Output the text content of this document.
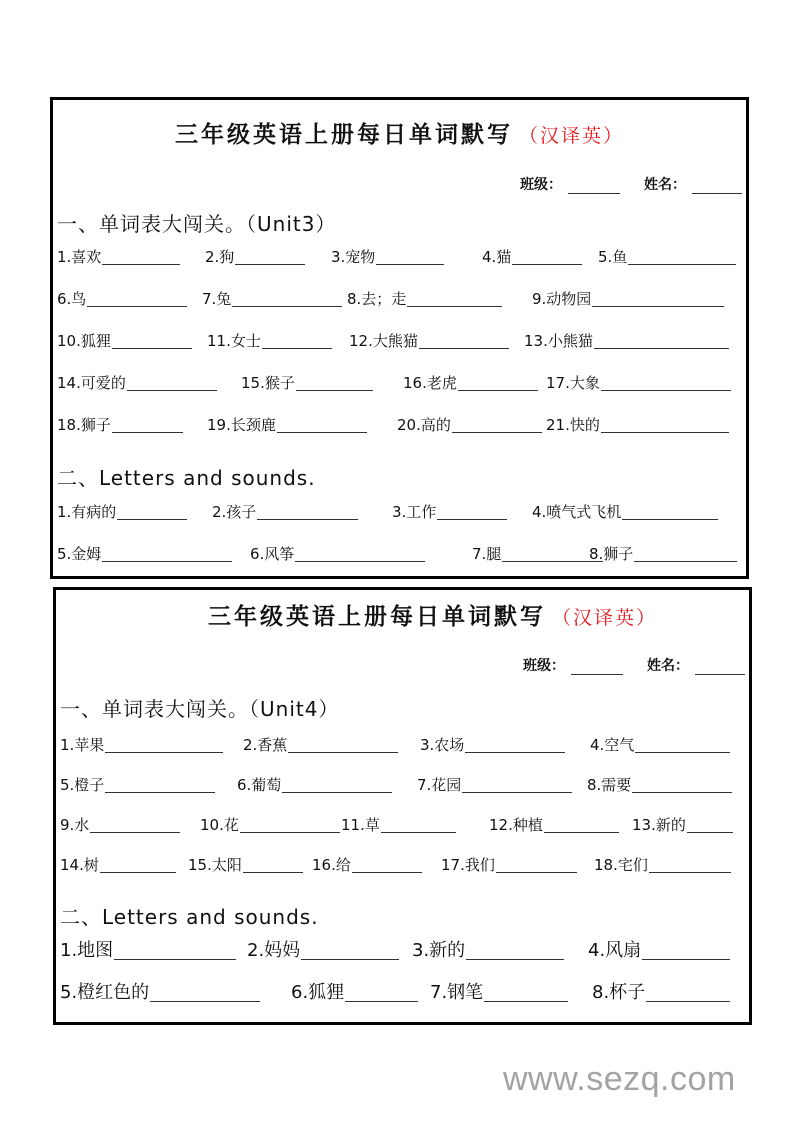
三年级英语上册每日单词默写 （汉译英）
班级：	姓名：
一、单词表大闯关。（Unit3）
1.喜欢	2.狗	3.宠物	4.猫	5.鱼
6.鸟	7.兔	8.去；走	9.动物园
10.狐狸	11.女士	12.大熊猫	13.小熊猫
14.可爱的	15.猴子	16.老虎	17.大象
18.狮子	19.长颈鹿	20.高的	21.快的
二、Letters and sounds.
1.有病的	2.孩子	3.工作	4.喷气式飞机
5.金姆	6.风筝	7.腿	8.狮子
三年级英语上册每日单词默写 （汉译英）
班级：	姓名：
一、单词表大闯关。（Unit4）
1.苹果	2.香蕉	3.农场	4.空气
5.橙子	6.葡萄	7.花园	8.需要
9.水	10.花	11.草	12.种植	13.新的
14.树	15.太阳	16.给	17.我们	18.宅们
二、Letters and sounds.
1.地图	2.妈妈	3.新的	4.风扇
5.橙红色的	6.狐狸	7.钢笔	8.杯子
www.sezq.com
